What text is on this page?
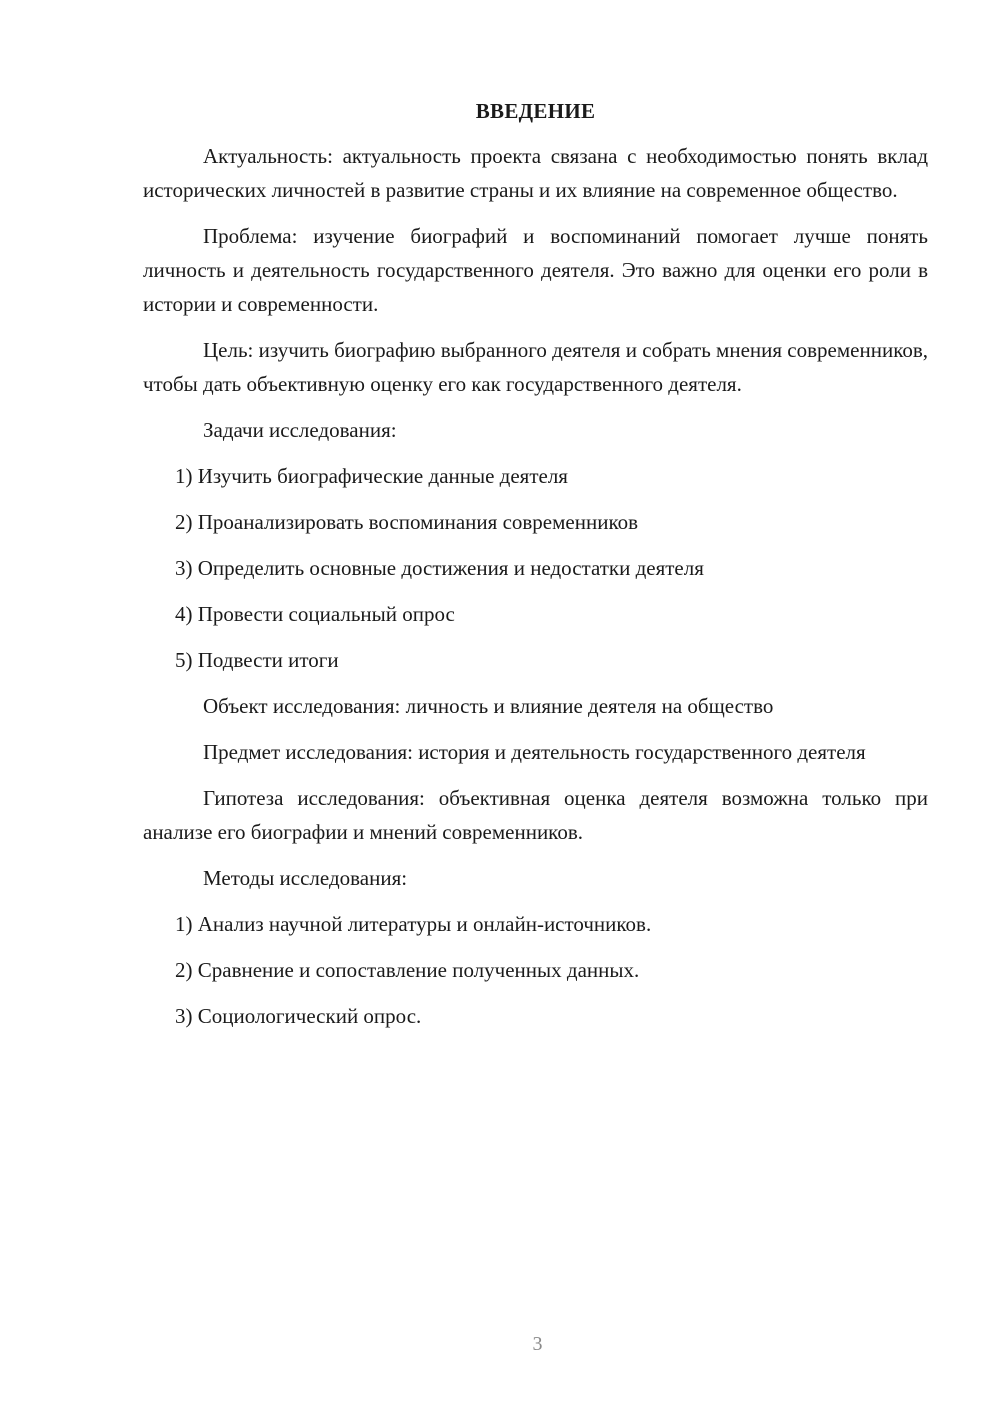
ВВЕДЕНИЕ

Актуальность: актуальность проекта связана с необходимостью понять вклад исторических личностей в развитие страны и их влияние на современное общество.

Проблема: изучение биографий и воспоминаний помогает лучше понять личность и деятельность государственного деятеля. Это важно для оценки его роли в истории и современности.

Цель: изучить биографию выбранного деятеля и собрать мнения современников, чтобы дать объективную оценку его как государственного деятеля.

Задачи исследования:

1) Изучить биографические данные деятеля

2) Проанализировать воспоминания современников

3) Определить основные достижения и недостатки деятеля

4) Провести социальный опрос

5) Подвести итоги

Объект исследования: личность и влияние деятеля на общество

Предмет исследования: история и деятельность государственного деятеля

Гипотеза исследования: объективная оценка деятеля возможна только при анализе его биографии и мнений современников.

Методы исследования:

1) Анализ научной литературы и онлайн-источников.

2) Сравнение и сопоставление полученных данных.

3) Социологический опрос.

3
